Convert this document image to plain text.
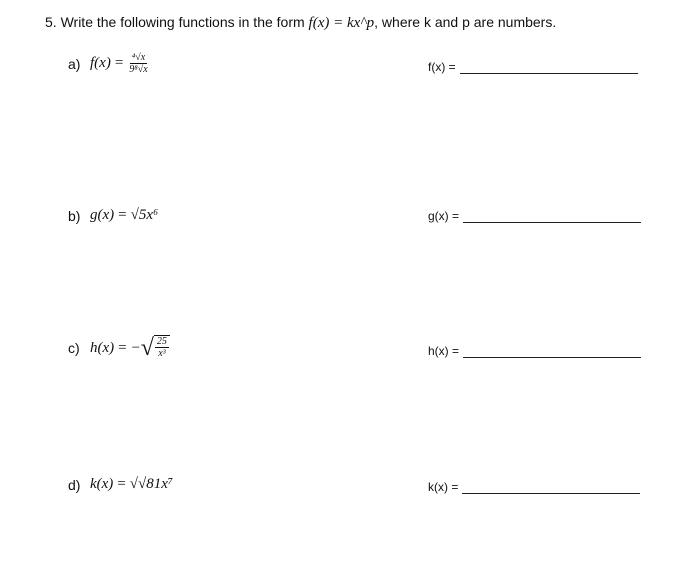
5. Write the following functions in the form f(x) = kx^p, where k and p are numbers.
a) $f(x) = \frac{\text{⁴√x}}{\text{9⁸√x}}$	f(x) =
b) g(x) = √5x⁶	g(x) =
c) h(x) = − √ $\frac{25}{\text{x³}}$	h(x) =
d) k(x) = √√81x⁷	k(x) =
